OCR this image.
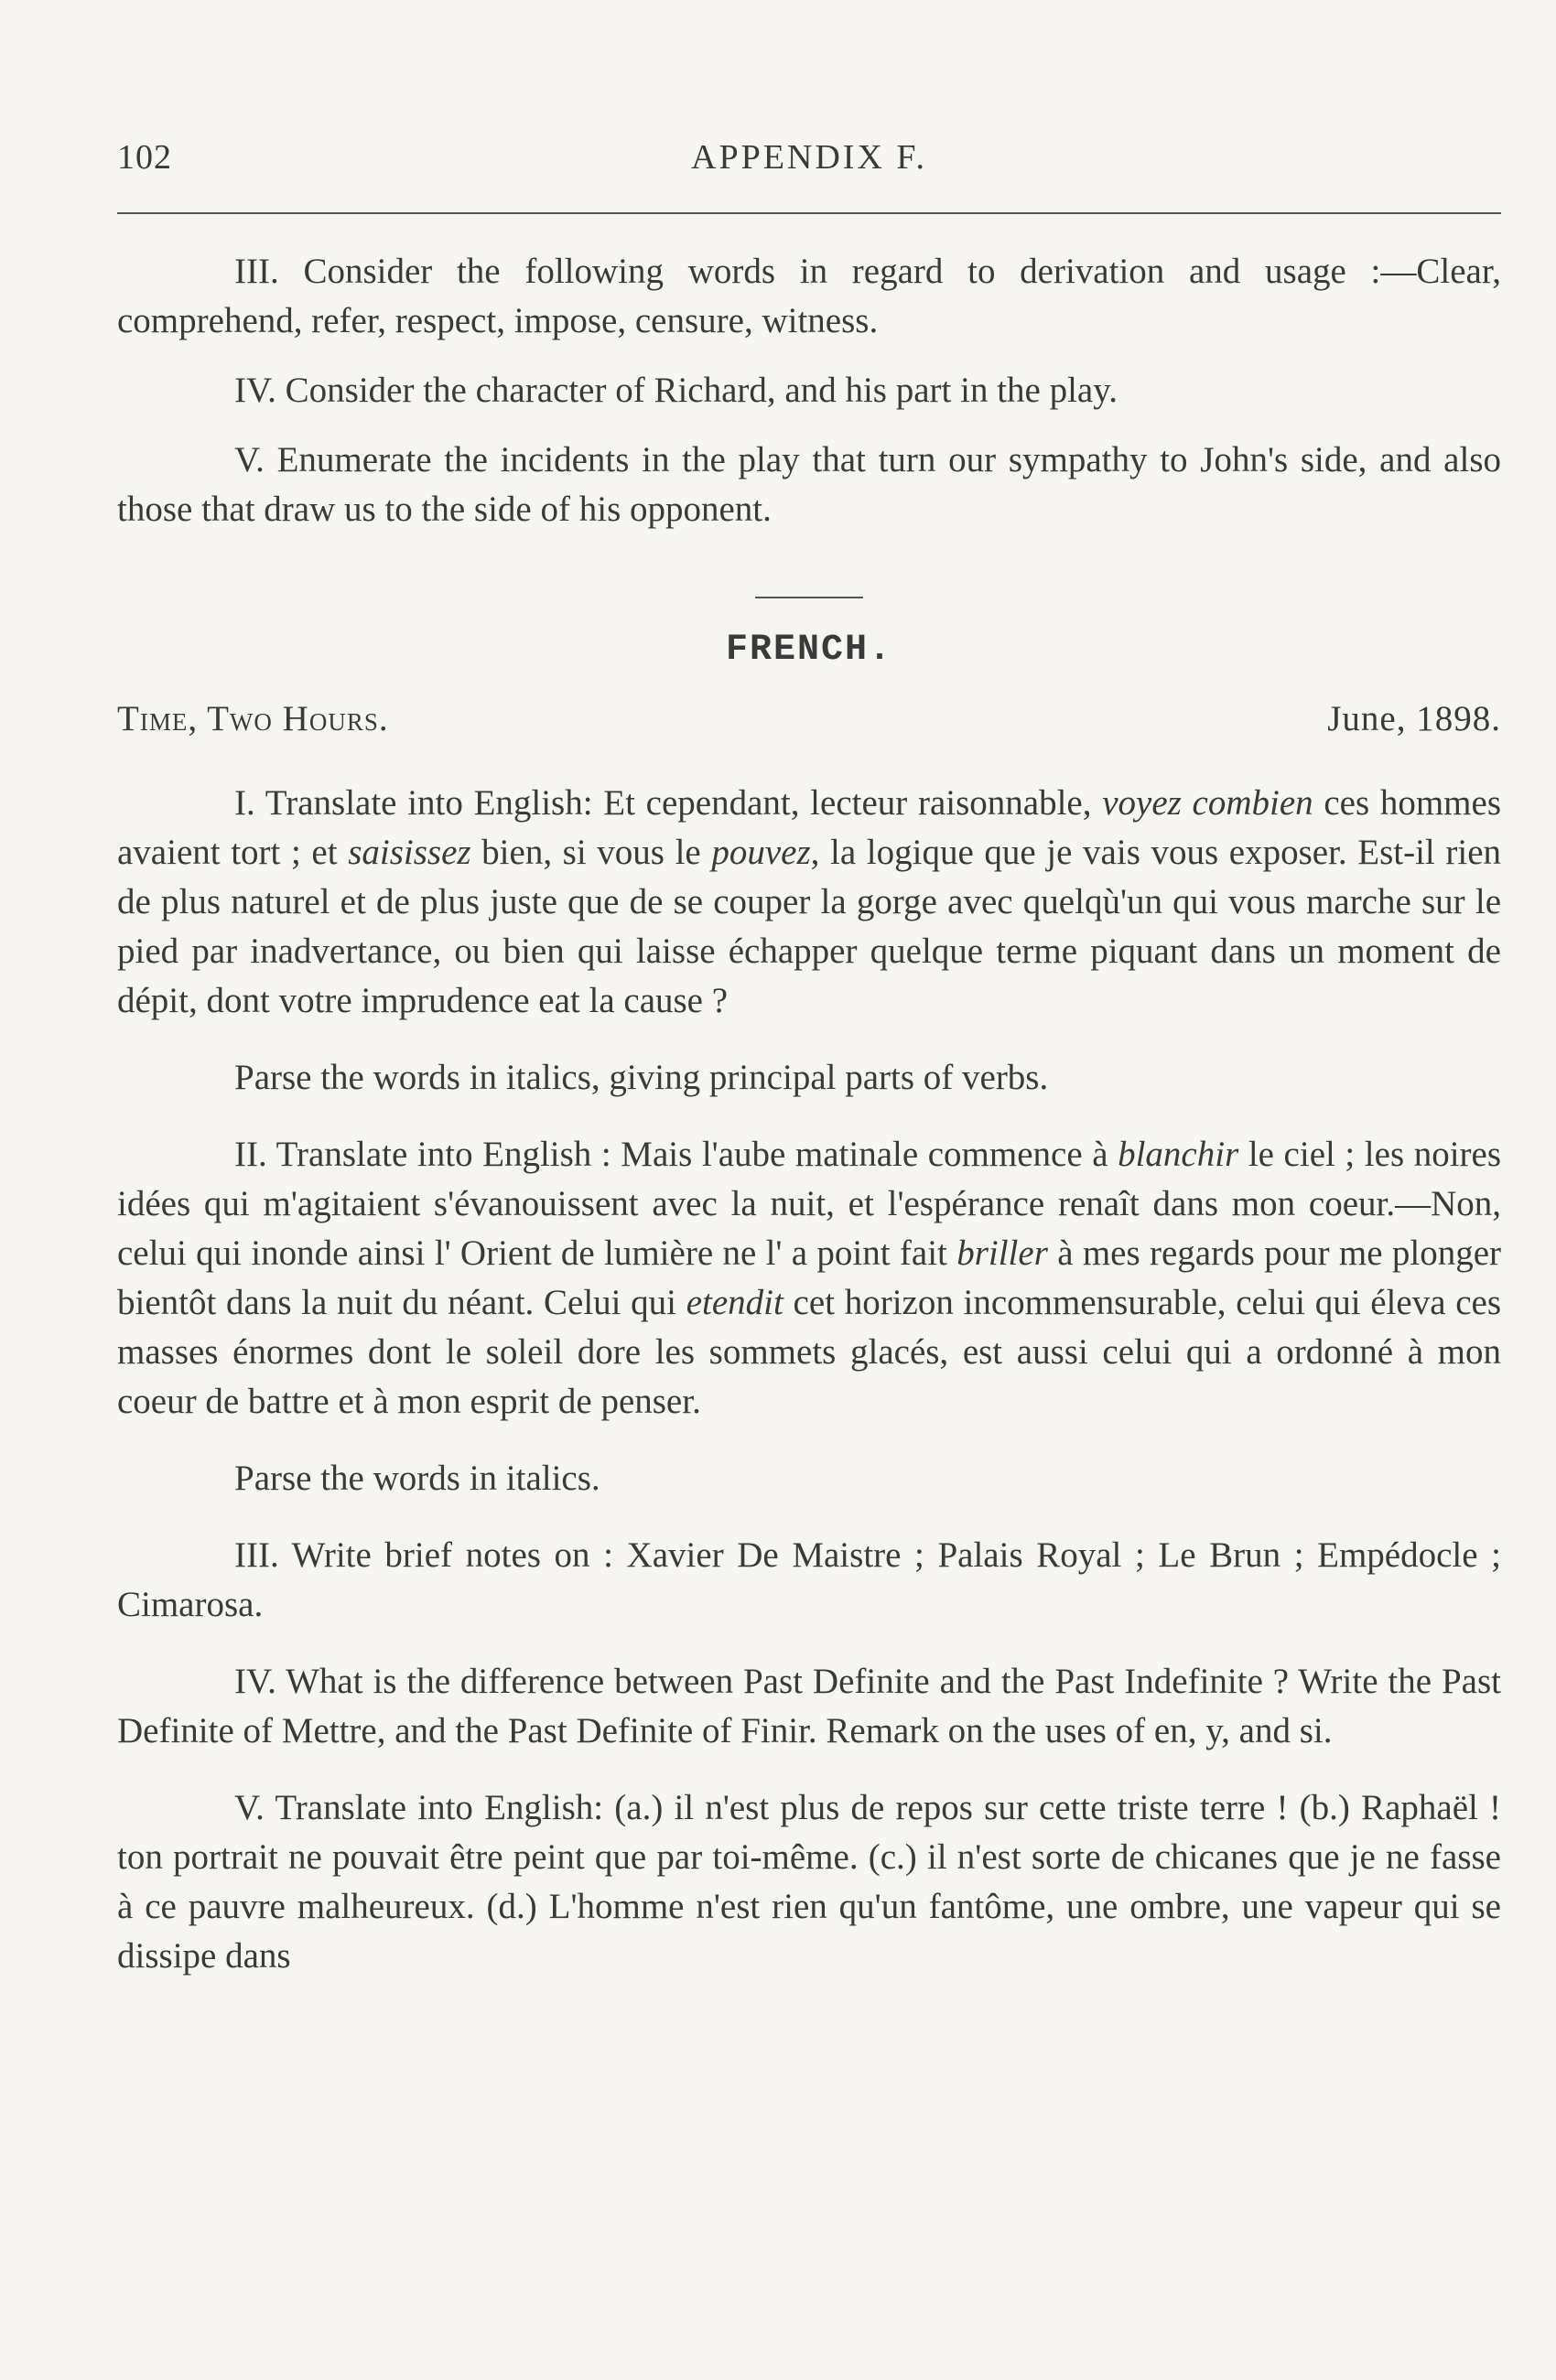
102	APPENDIX F.

III. Consider the following words in regard to derivation and usage :—Clear, comprehend, refer, respect, impose, censure, witness.

IV. Consider the character of Richard, and his part in the play.

V. Enumerate the incidents in the play that turn our sympathy to John's side, and also those that draw us to the side of his opponent.

FRENCH.
Time, Two Hours.	June, 1898.

I. Translate into English: Et cependant, lecteur raisonnable, voyez combien ces hommes avaient tort ; et saisissez bien, si vous le pouvez, la logique que je vais vous exposer. Est-il rien de plus naturel et de plus juste que de se couper la gorge avec quelqù'un qui vous marche sur le pied par inadvertance, ou bien qui laisse échapper quelque terme piquant dans un moment de dépit, dont votre imprudence eat la cause ?

Parse the words in italics, giving principal parts of verbs.

II. Translate into English : Mais l'aube matinale commence à blanchir le ciel ; les noires idées qui m'agitaient s'évanouissent avec la nuit, et l'espérance renaît dans mon coeur.—Non, celui qui inonde ainsi l' Orient de lumière ne l' a point fait briller à mes regards pour me plonger bientôt dans la nuit du néant. Celui qui etendit cet horizon incommensurable, celui qui éleva ces masses énormes dont le soleil dore les sommets glacés, est aussi celui qui a ordonné à mon coeur de battre et à mon esprit de penser.

Parse the words in italics.

III. Write brief notes on : Xavier De Maistre ; Palais Royal ; Le Brun ; Empédocle ; Cimarosa.

IV. What is the difference between Past Definite and the Past Indefinite ? Write the Past Definite of Mettre, and the Past Definite of Finir. Remark on the uses of en, y, and si.

V. Translate into English: (a.) il n'est plus de repos sur cette triste terre ! (b.) Raphaël ! ton portrait ne pouvait être peint que par toi-même. (c.) il n'est sorte de chicanes que je ne fasse à ce pauvre malheureux. (d.) L'homme n'est rien qu'un fantôme, une ombre, une vapeur qui se dissipe dans
